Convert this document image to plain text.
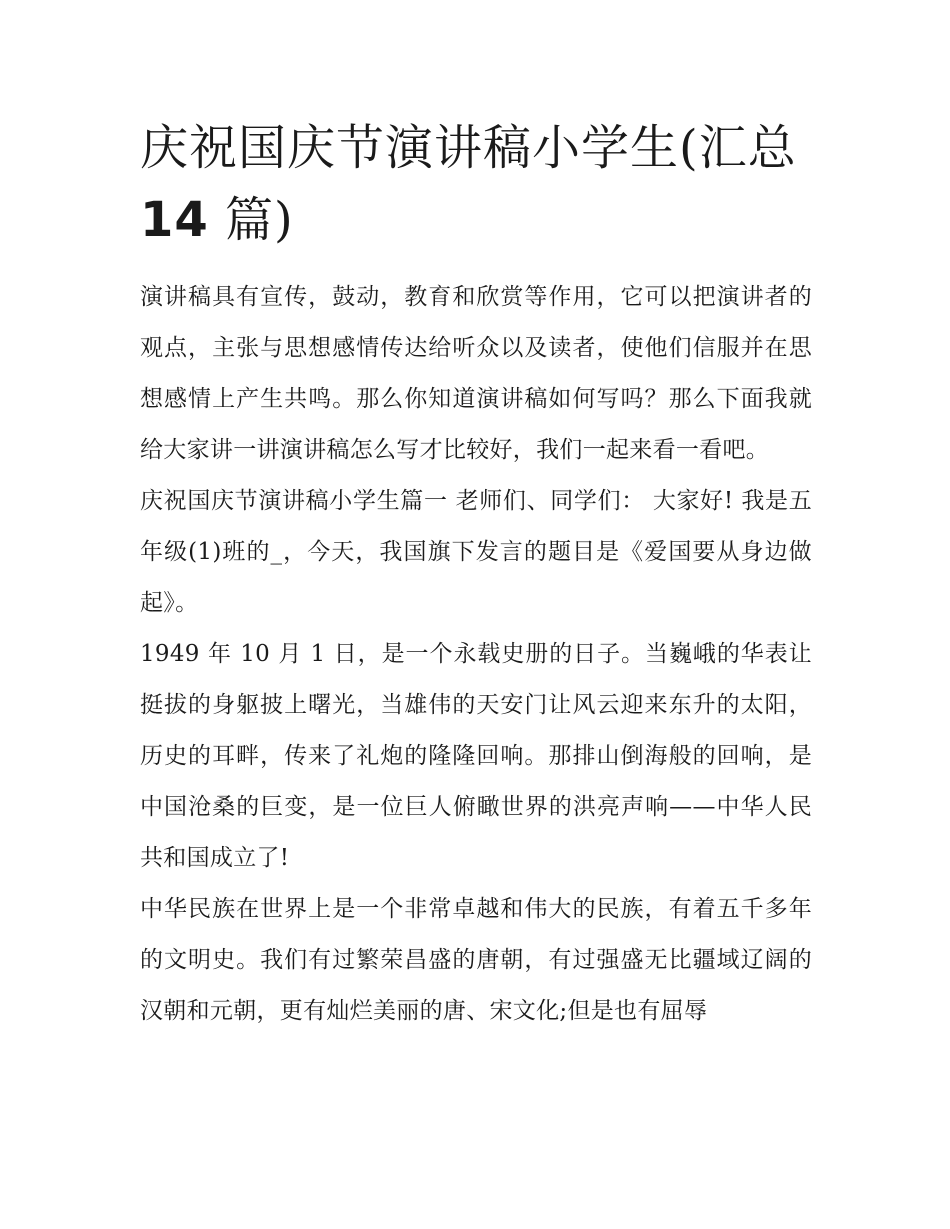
庆祝国庆节演讲稿小学生(汇总
14 篇)

演讲稿具有宣传，鼓动，教育和欣赏等作用，它可以把演讲者的观点，主张与思想感情传达给听众以及读者，使他们信服并在思想感情上产生共鸣。那么你知道演讲稿如何写吗？那么下面我就给大家讲一讲演讲稿怎么写才比较好，我们一起来看一看吧。

庆祝国庆节演讲稿小学生篇一 老师们、同学们： 大家好! 我是五年级(1)班的_，今天，我国旗下发言的题目是《爱国要从身边做起》。

1949 年 10 月 1 日，是一个永载史册的日子。当巍峨的华表让挺拔的身躯披上曙光，当雄伟的天安门让风云迎来东升的太阳，历史的耳畔，传来了礼炮的隆隆回响。那排山倒海般的回响，是中国沧桑的巨变，是一位巨人俯瞰世界的洪亮声响——中华人民共和国成立了!

中华民族在世界上是一个非常卓越和伟大的民族，有着五千多年的文明史。我们有过繁荣昌盛的唐朝，有过强盛无比疆域辽阔的汉朝和元朝，更有灿烂美丽的唐、宋文化;但是也有屈辱
